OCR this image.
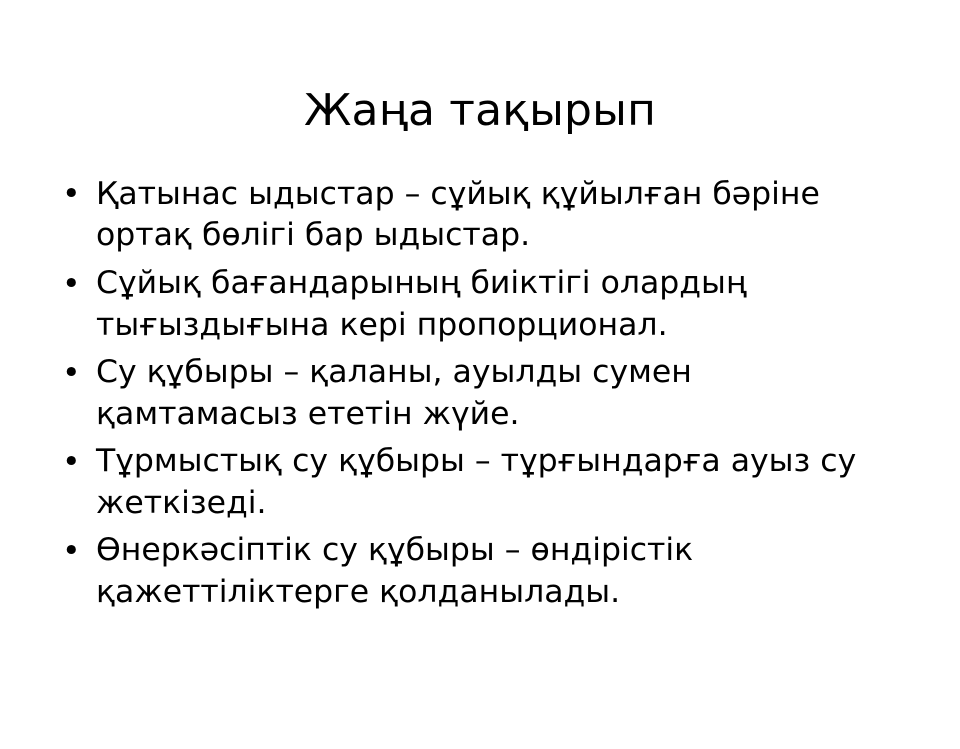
Жаңа тақырып
• Қатынас ыдыстар – сұйық құйылған бәріне ортақ бөлігі бар ыдыстар.
• Сұйық бағандарының биіктігі олардың тығыздығына кері пропорционал.
• Су құбыры – қаланы, ауылды сумен қамтамасыз ететін жүйе.
• Тұрмыстық су құбыры – тұрғындарға ауыз су жеткізеді.
• Өнеркәсіптік су құбыры – өндірістік қажеттіліктерге қолданылады.
